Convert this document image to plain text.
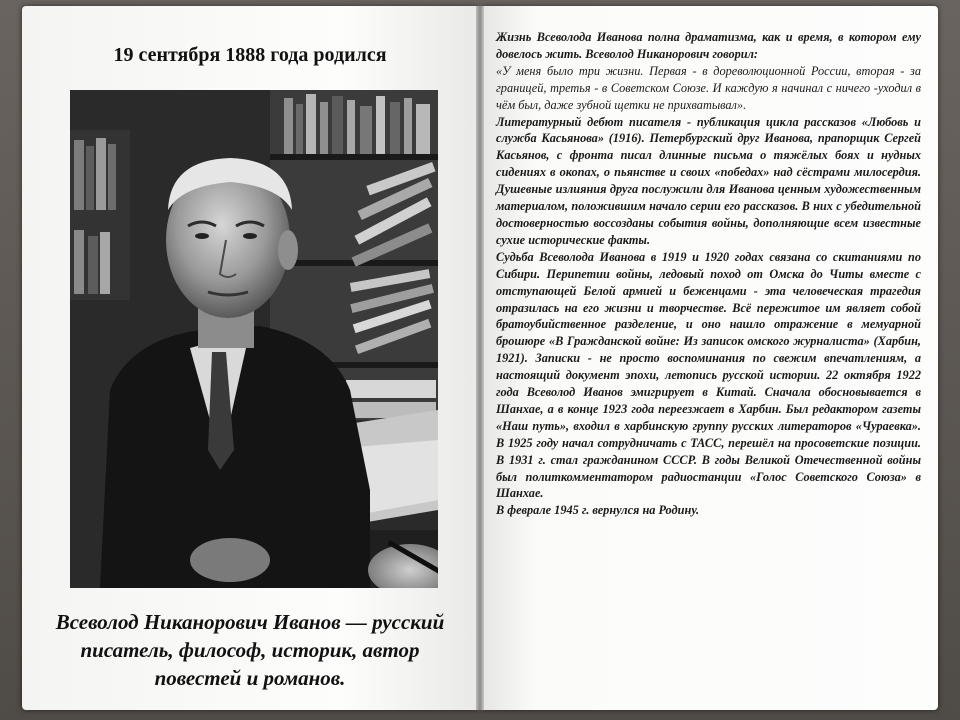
19 сентября 1888 года родился
Всеволод Никанорович Иванов — русский писатель, философ, историк, автор повестей и романов.

Жизнь Всеволода Иванова полна драматизма, как и время, в котором ему довелось жить. Всеволод Никанорович говорил:

«У меня было три жизни. Первая - в дореволюционной России, вторая - за границей, третья - в Советском Союзе. И каждую я начинал с ничего -уходил в чём был, даже зубной щетки не прихватывал».

Литературный дебют писателя - публикация цикла рассказов «Любовь и служба Касьянова» (1916). Петербургский друг Иванова, прапорщик Сергей Касьянов, с фронта писал длинные письма о тяжёлых боях и нудных сидениях в окопах, о пьянстве и своих «победах» над сёстрами милосердия. Душевные излияния друга послужили для Иванова ценным художественным материалом, положившим начало серии его рассказов. В них с убедительной достоверностью воссозданы события войны, дополняющие всем известные сухие исторические факты.

Судьба Всеволода Иванова в 1919 и 1920 годах связана со скитаниями по Сибири. Перипетии войны, ледовый поход от Омска до Читы вместе с отступающей Белой армией и беженцами - эта человеческая трагедия отразилась на его жизни и творчестве. Всё пережитое им являет собой братоубийственное разделение, и оно нашло отражение в мемуарной брошюре «В Гражданской войне: Из записок омского журналиста» (Харбин, 1921). Записки - не просто воспоминания по свежим впечатлениям, а настоящий документ эпохи, летопись русской истории. 22 октября 1922 года Всеволод Иванов эмигрирует в Китай. Сначала обосновывается в Шанхае, а в конце 1923 года переезжает в Харбин. Был редактором газеты «Наш путь», входил в харбинскую группу русских литераторов «Чураевка». В 1925 году начал сотрудничать с ТАСС, перешёл на просоветские позиции. В 1931 г. стал гражданином СССР. В годы Великой Отечественной войны был политкомментатором радиостанции «Голос Советского Союза» в Шанхае.

В феврале 1945 г. вернулся на Родину.
